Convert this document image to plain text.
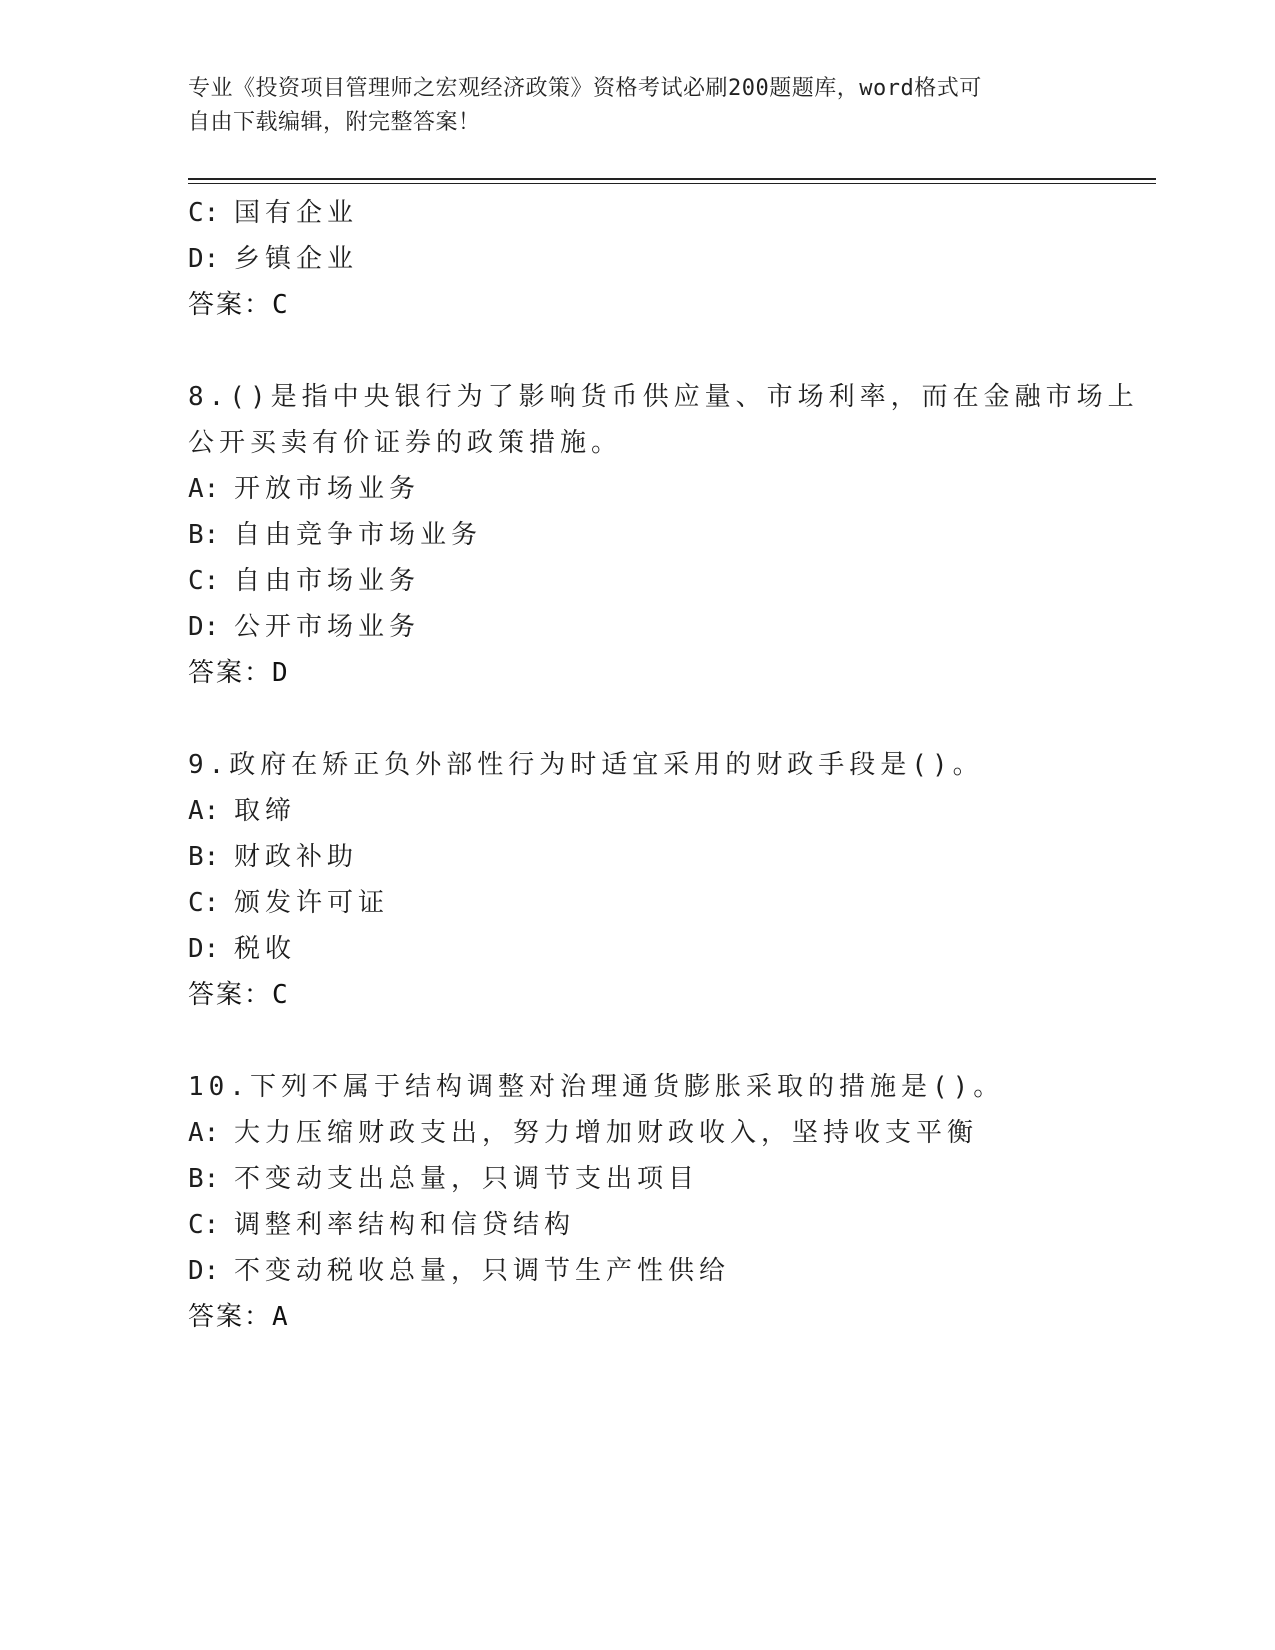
专业《投资项目管理师之宏观经济政策》资格考试必刷200题题库，word格式可
自由下载编辑，附完整答案！
C: 国有企业
D: 乡镇企业
答案：C
8.()是指中央银行为了影响货币供应量、市场利率，而在金融市场上
公开买卖有价证券的政策措施。
A: 开放市场业务
B: 自由竞争市场业务
C: 自由市场业务
D: 公开市场业务
答案：D
9.政府在矫正负外部性行为时适宜采用的财政手段是()。
A: 取缔
B: 财政补助
C: 颁发许可证
D: 税收
答案：C
10.下列不属于结构调整对治理通货膨胀采取的措施是()。
A: 大力压缩财政支出，努力增加财政收入，坚持收支平衡
B: 不变动支出总量，只调节支出项目
C: 调整利率结构和信贷结构
D: 不变动税收总量，只调节生产性供给
答案：A
